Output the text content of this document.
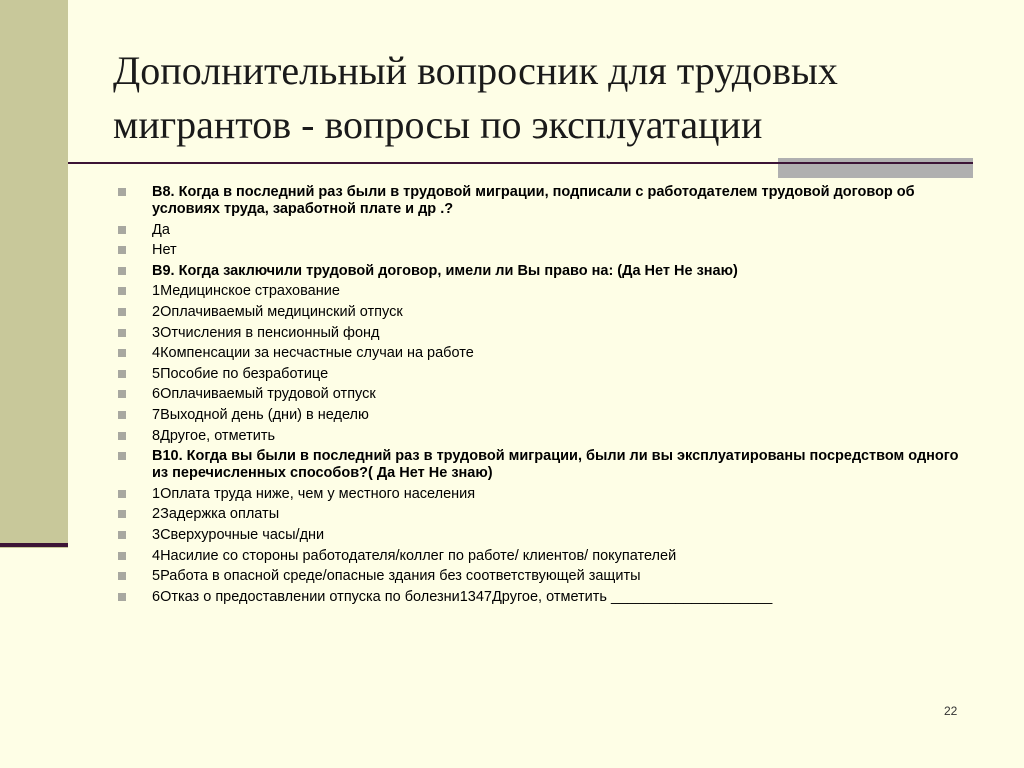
Дополнительный вопросник для трудовых мигрантов - вопросы по эксплуатации
В8. Когда в последний раз были в трудовой миграции, подписали с работодателем трудовой договор об условиях труда, заработной плате и др .?
Да
Нет
В9. Когда заключили трудовой договор, имели ли Вы право на: (Да Нет Не знаю)
1Медицинское страхование
2Оплачиваемый медицинский отпуск
3Отчисления в пенсионный фонд
4Компенсации за несчастные случаи на работе
5Пособие по безработице
6Оплачиваемый трудовой отпуск
7Выходной день (дни) в неделю
8Другое, отметить
В10. Когда вы были в последний раз в трудовой миграции, были ли вы эксплуатированы посредством одного из перечисленных способов?( Да Нет Не знаю)
1Оплата труда ниже, чем у местного населения
2Задержка оплаты
3Сверхурочные часы/дни
4Насилие со стороны работодателя/коллег по работе/ клиентов/ покупателей
5Работа в опасной среде/опасные здания без соответствующей защиты
6Отказ о предоставлении отпуска по болезни1347Другое, отметить ____________________
22
